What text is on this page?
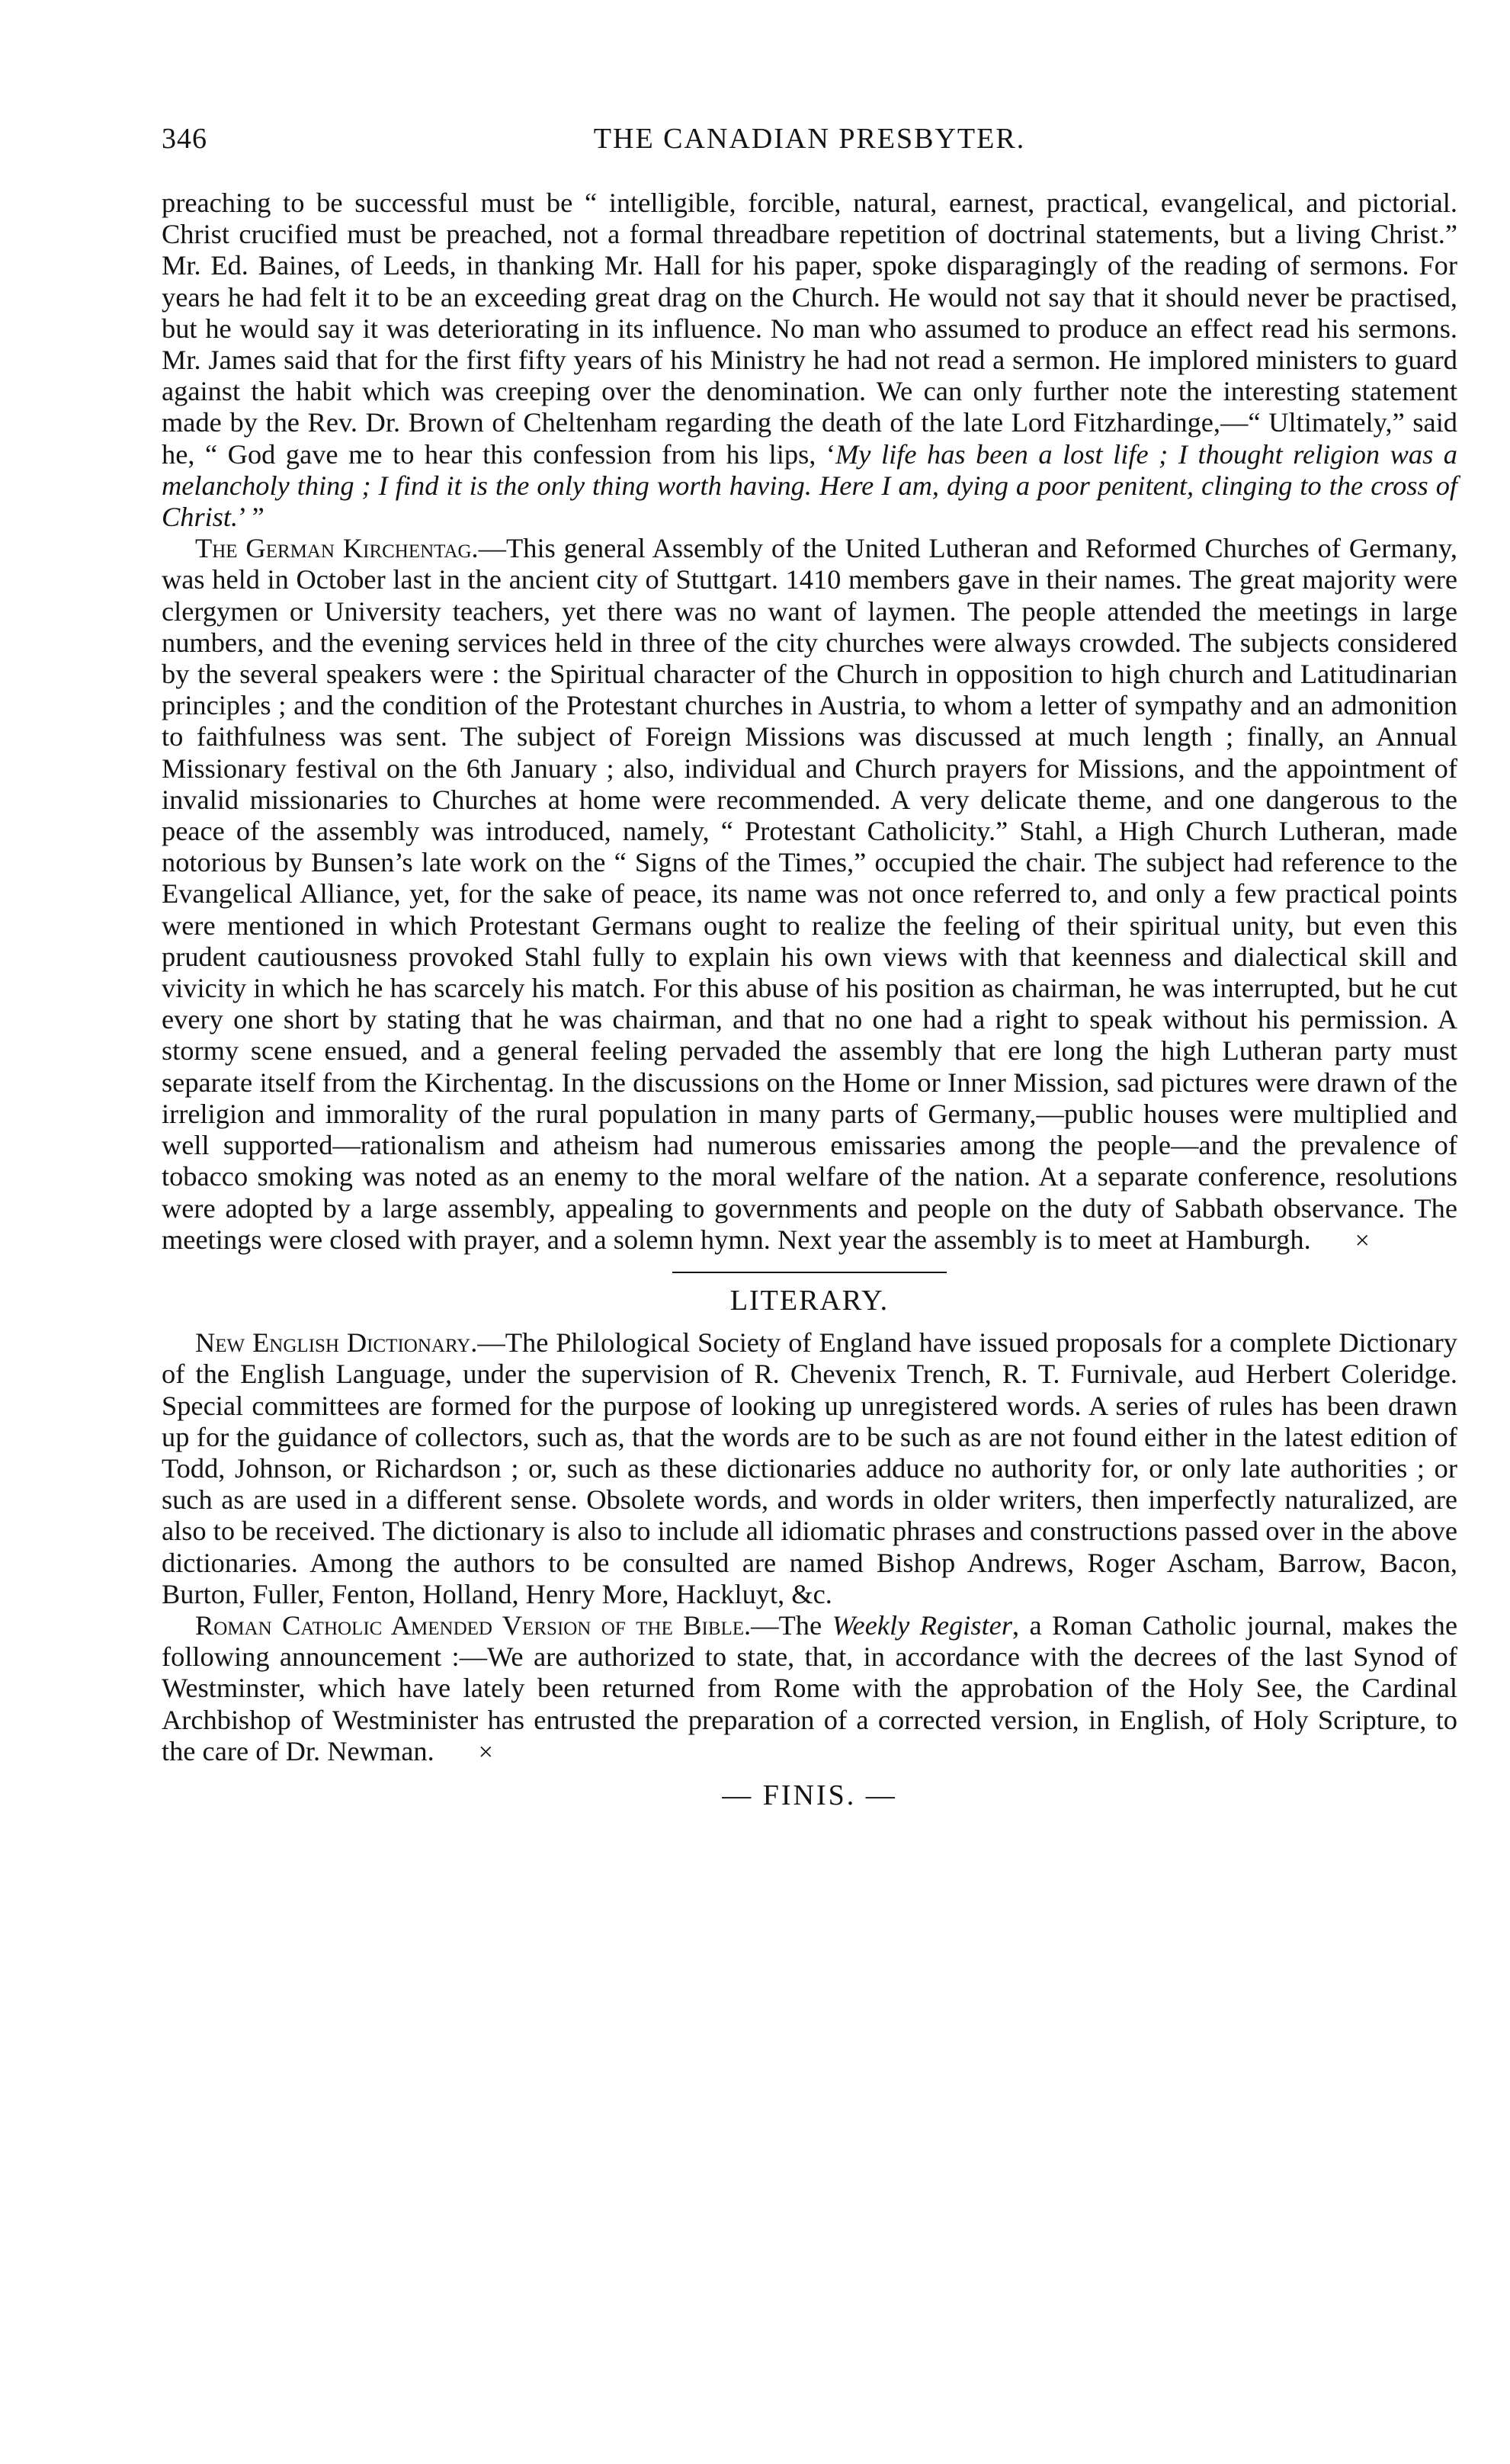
346	THE CANADIAN PRESBYTER.

preaching to be successful must be “ intelligible, forcible, natural, earnest, practical, evangelical, and pictorial. Christ crucified must be preached, not a formal threadbare repetition of doctrinal statements, but a living Christ.” Mr. Ed. Baines, of Leeds, in thanking Mr. Hall for his paper, spoke disparagingly of the reading of sermons. For years he had felt it to be an exceeding great drag on the Church. He would not say that it should never be practised, but he would say it was deteriorating in its influence. No man who assumed to produce an effect read his sermons. Mr. James said that for the first fifty years of his Ministry he had not read a sermon. He implored ministers to guard against the habit which was creeping over the denomination. We can only further note the interesting statement made by the Rev. Dr. Brown of Cheltenham regarding the death of the late Lord Fitzhardinge,—“ Ultimately,” said he, “ God gave me to hear this confession from his lips, ‘My life has been a lost life ; I thought religion was a melancholy thing ; I find it is the only thing worth having. Here I am, dying a poor penitent, clinging to the cross of Christ.’ ”

The German Kirchentag.—This general Assembly of the United Lutheran and Reformed Churches of Germany, was held in October last in the ancient city of Stuttgart. 1410 members gave in their names. The great majority were clergymen or University teachers, yet there was no want of laymen. The people attended the meetings in large numbers, and the evening services held in three of the city churches were always crowded. The subjects considered by the several speakers were : the Spiritual character of the Church in opposition to high church and Latitudinarian principles ; and the condition of the Protestant churches in Austria, to whom a letter of sympathy and an admonition to faithfulness was sent. The subject of Foreign Missions was discussed at much length ; finally, an Annual Missionary festival on the 6th January ; also, individual and Church prayers for Missions, and the appointment of invalid missionaries to Churches at home were recommended. A very delicate theme, and one dangerous to the peace of the assembly was introduced, namely, “ Protestant Catholicity.” Stahl, a High Church Lutheran, made notorious by Bunsen’s late work on the “ Signs of the Times,” occupied the chair. The subject had reference to the Evangelical Alliance, yet, for the sake of peace, its name was not once referred to, and only a few practical points were mentioned in which Protestant Germans ought to realize the feeling of their spiritual unity, but even this prudent cautiousness provoked Stahl fully to explain his own views with that keenness and dialectical skill and vivicity in which he has scarcely his match. For this abuse of his position as chairman, he was interrupted, but he cut every one short by stating that he was chairman, and that no one had a right to speak without his permission. A stormy scene ensued, and a general feeling pervaded the assembly that ere long the high Lutheran party must separate itself from the Kirchentag. In the discussions on the Home or Inner Mission, sad pictures were drawn of the irreligion and immorality of the rural population in many parts of Germany,—public houses were multiplied and well supported—rationalism and atheism had numerous emissaries among the people—and the prevalence of tobacco smoking was noted as an enemy to the moral welfare of the nation. At a separate conference, resolutions were adopted by a large assembly, appealing to governments and people on the duty of Sabbath observance. The meetings were closed with prayer, and a solemn hymn. Next year the assembly is to meet at Hamburgh. ×

LITERARY.

New English Dictionary.—The Philological Society of England have issued proposals for a complete Dictionary of the English Language, under the supervision of R. Chevenix Trench, R. T. Furnivale, aud Herbert Coleridge. Special committees are formed for the purpose of looking up unregistered words. A series of rules has been drawn up for the guidance of collectors, such as, that the words are to be such as are not found either in the latest edition of Todd, Johnson, or Richardson ; or, such as these dictionaries adduce no authority for, or only late authorities ; or such as are used in a different sense. Obsolete words, and words in older writers, then imperfectly naturalized, are also to be received. The dictionary is also to include all idiomatic phrases and constructions passed over in the above dictionaries. Among the authors to be consulted are named Bishop Andrews, Roger Ascham, Barrow, Bacon, Burton, Fuller, Fenton, Holland, Henry More, Hackluyt, &c.

Roman Catholic Amended Version of the Bible.—The Weekly Register, a Roman Catholic journal, makes the following announcement :—We are authorized to state, that, in accordance with the decrees of the last Synod of Westminster, which have lately been returned from Rome with the approbation of the Holy See, the Cardinal Archbishop of Westminister has entrusted the preparation of a corrected version, in English, of Holy Scripture, to the care of Dr. Newman. ×

— FINIS. —
